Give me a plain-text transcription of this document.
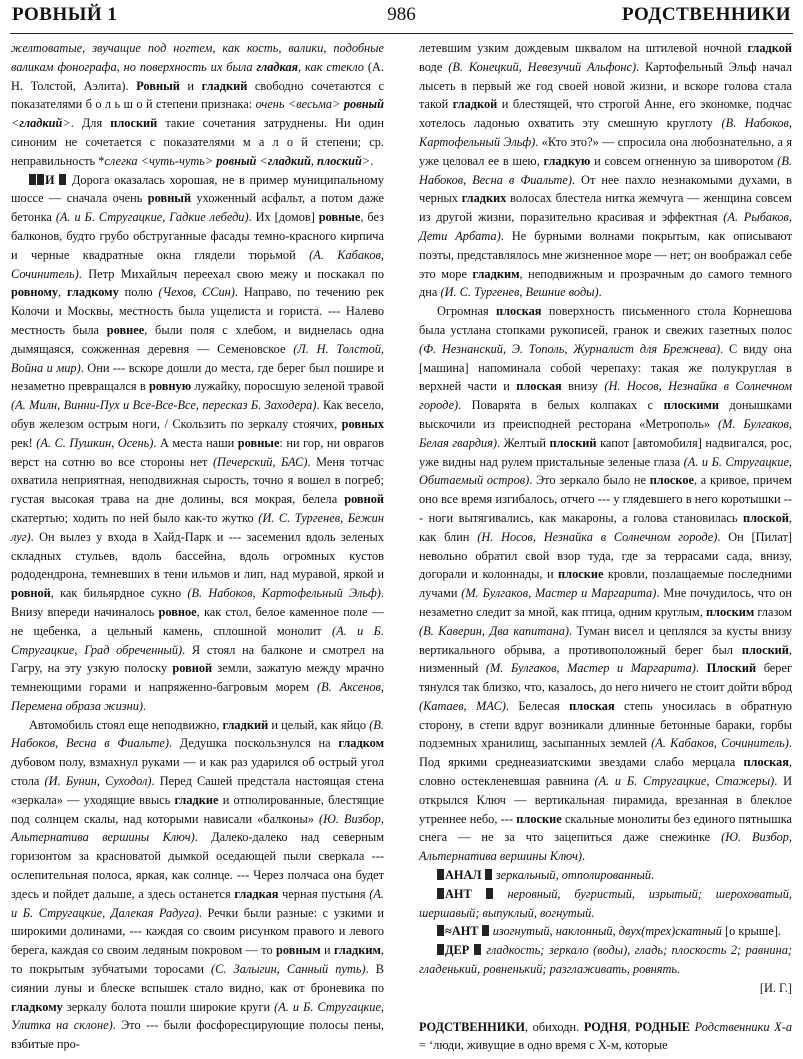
РОВНЫЙ 1	986	РОДСТВЕННИКИ

желтоватые, звучащие под ногтем, как кость, валики, подобные валикам фонографа, но поверхность их была гладкая, как стекло (А. Н. Толстой, Аэлита). Ровный и гладкий свободно сочетаются с показателями б о л ь ш о й степени признака: очень <весьма> ровный <гладкий>. Для плоский такие сочетания затруднены. Ни один синоним не сочетается с показателями м а л о й степени; ср. неправильность *слегка <чуть-чуть> ровный <гладкий, плоский>.

И  Дорога оказалась хорошая, не в пример муниципальному шоссе — сначала очень ровный ухоженный асфальт, а потом даже бетонка (А. и Б. Стругацкие, Гадкие лебеди). Их [домов] ровные, без балконов, будто грубо обструганные фасады темно-красного кирпича и черные квадратные окна глядели тюрьмой (А. Кабаков, Сочинитель). Петр Михайлыч переехал свою межу и поскакал по ровному, гладкому полю (Чехов, ССин). Направо, по течению рек Колочи и Москвы, местность была ущелиста и гориста. --- Налево местность была ровнее, были поля с хлебом, и виднелась одна дымящаяся, сожженная деревня — Семеновское (Л. Н. Толстой, Война и мир). Они --- вскоре дошли до места, где берег был пошире и незаметно превращался в ровную лужайку, поросшую зеленой травой (А. Милн, Винни-Пух и Все-Все-Все, пересказ Б. Заходера). Как весело, обув железом острым ноги, / Скользить по зеркалу стоячих, ровных рек! (А. С. Пушкин, Осень). А места наши ровные: ни гор, ни оврагов верст на сотню во все стороны нет (Печерский, БАС). Меня тотчас охватила неприятная, неподвижная сырость, точно я вошел в погреб; густая высокая трава на дне долины, вся мокрая, белела ровной скатертью; ходить по ней было как-то жутко (И. С. Тургенев, Бежин луг). Он вылез у входа в Хайд-Парк и --- засеменил вдоль зеленых складных стульев, вдоль бассейна, вдоль огромных кустов рододендрона, темневших в тени ильмов и лип, над муравой, яркой и ровной, как бильярдное сукно (В. Набоков, Картофельный Эльф). Внизу впереди начиналось ровное, как стол, белое каменное поле — не щебенка, а цельный камень, сплошной монолит (А. и Б. Стругацкие, Град обреченный). Я стоял на балконе и смотрел на Гагру, на эту узкую полоску ровной земли, зажатую между мрачно темнеющими горами и напряженно-багровым морем (В. Аксенов, Перемена образа жизни).

Автомобиль стоял еще неподвижно, гладкий и целый, как яйцо (В. Набоков, Весна в Фиальте). Дедушка поскользнулся на гладком дубовом полу, взмахнул руками — и как раз ударился об острый угол стола (И. Бунин, Суходол). Перед Сашей предстала настоящая стена «зеркала» — уходящие ввысь гладкие и отполированные, блестящие под солнцем скалы, над которыми нависали «балконы» (Ю. Визбор, Альтернатива вершины Ключ). Далеко-далеко над северным горизонтом за красноватой дымкой оседающей пыли сверкала --- ослепительная полоса, яркая, как солнце. --- Через полчаса она будет здесь и пойдет дальше, а здесь останется гладкая черная пустыня (А. и Б. Стругацкие, Далекая Радуга). Речки были разные: с узкими и широкими долинами, --- каждая со своим рисунком правого и левого берега, каждая со своим ледяным покровом — то ровным и гладким, то покрытым зубчатыми торосами (С. Залыгин, Санный путь). В сиянии луны и блеске вспышек стало видно, как от броневика по гладкому зеркалу болота пошли широкие круги (А. и Б. Стругацкие, Улитка на склоне). Это --- были фосфоресцирующие полосы пены, взбитые про-

летевшим узким дождевым шквалом на штилевой ночной гладкой воде (В. Конецкий, Невезучий Альфонс). Картофельный Эльф начал лысеть в первый же год своей новой жизни, и вскоре голова стала такой гладкой и блестящей, что строгой Анне, его экономке, подчас хотелось ладонью охватить эту смешную круглоту (В. Набоков, Картофельный Эльф). «Кто это?» — спросила она любознательно, а я уже целовал ее в шею, гладкую и совсем огненную за шиворотом (В. Набоков, Весна в Фиальте). От нее пахло незнакомыми духами, в черных гладких волосах блестела нитка жемчуга — женщина совсем из другой жизни, поразительно красивая и эффектная (А. Рыбаков, Дети Арбата). Не бурными волнами покрытым, как описывают поэты, представлялось мне жизненное море — нет; он воображал себе это море гладким, неподвижным и прозрачным до самого темного дна (И. С. Тургенев, Вешние воды).

Огромная плоская поверхность письменного стола Корнешова была устлана стопками рукописей, гранок и свежих газетных полос (Ф. Незнанский, Э. Тополь, Журналист для Брежнева). С виду она [машина] напоминала собой черепаху: такая же полукруглая в верхней части и плоская внизу (Н. Носов, Незнайка в Солнечном городе). Поварята в белых колпаках с плоскими донышками выскочили из преисподней ресторана «Метрополь» (М. Булгаков, Белая гвардия). Желтый плоский капот [автомобиля] надвигался, рос, уже видны над рулем пристальные зеленые глаза (А. и Б. Стругацкие, Обитаемый остров). Это зеркало было не плоское, а кривое, причем оно все время изгибалось, отчего --- у глядевшего в него коротышки --- ноги вытягивались, как макароны, а голова становилась плоской, как блин (Н. Носов, Незнайка в Солнечном городе). Он [Пилат] невольно обратил свой взор туда, где за террасами сада, внизу, догорали и колоннады, и плоские кровли, позлащаемые последними лучами (М. Булгаков, Мастер и Маргарита). Мне почудилось, что он незаметно следит за мной, как птица, одним круглым, плоским глазом (В. Каверин, Два капитана). Туман висел и цеплялся за кусты внизу вертикального обрыва, а противоположный берег был плоский, низменный (М. Булгаков, Мастер и Маргарита). Плоский берег тянулся так близко, что, казалось, до него ничего не стоит дойти вброд (Катаев, МАС). Белесая плоская степь уносилась в обратную сторону, в степи вдруг возникали длинные бетонные бараки, горбы подземных хранилищ, засыпанных землей (А. Кабаков, Сочинитель). Под яркими среднеазиатскими звездами слабо мерцала плоская, словно остекленевшая равнина (А. и Б. Стругацкие, Стажеры). И открылся Ключ — вертикальная пирамида, врезанная в блеклое утреннее небо, --- плоские скальные монолиты без единого пятнышка снега — не за что зацепиться даже снежинке (Ю. Визбор, Альтернатива вершины Ключ).

АНАЛ зеркальный, отполированный.

АНТ	неровный, бугристый, изрытый; шероховатый, шершавый; выпуклый, вогнутый.

≈АНТ изогнутый, наклонный, двух(трех)скатный [о крыше].

ДЕР гладкость; зеркало (воды), гладь; плоскость 2; равнина; гладенький, ровненький; разглаживать, ровнять.

[И. Г.]

РОДСТВЕННИКИ, обиходн. РОДНЯ, РОДНЫЕ Родственники X-а = ʻлюди, живущие в одно время с X-м, которые
